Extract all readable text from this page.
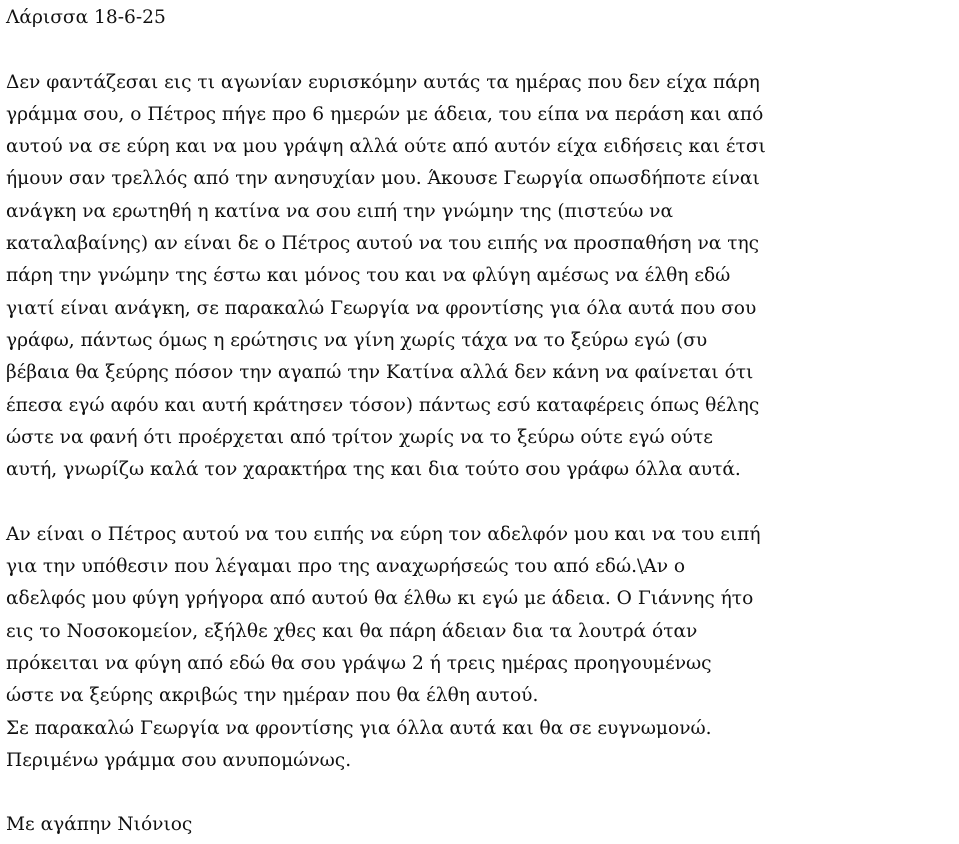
Λάρισσα 18-6-25
Δεν φαντάζεσαι εις τι αγωνίαν ευρισκόμην αυτάς τα ημέρας που δεν είχα πάρη
γράμμα σου, ο Πέτρος πήγε προ 6 ημερών με άδεια, του είπα να περάση και από
αυτού να σε εύρη και να μου γράψη αλλά ούτε από αυτόν είχα ειδήσεις και έτσι
ήμουν σαν τρελλός από την ανησυχίαν μου. Άκουσε Γεωργία οπωσδήποτε είναι
ανάγκη να ερωτηθή η κατίνα να σου ειπή την γνώμην της (πιστεύω να
καταλαβαίνης) αν είναι δε ο Πέτρος αυτού να του ειπής να προσπαθήση να της
πάρη την γνώμην της έστω και μόνος του και να φλύγη αμέσως να έλθη εδώ
γιατί είναι ανάγκη, σε παρακαλώ Γεωργία να φροντίσης για όλα αυτά που σου
γράφω, πάντως όμως η ερώτησις να γίνη χωρίς τάχα να το ξεύρω εγώ (συ
βέβαια θα ξεύρης πόσον την αγαπώ την Κατίνα αλλά δεν κάνη να φαίνεται ότι
έπεσα εγώ αφόυ και αυτή κράτησεν τόσον) πάντως εσύ καταφέρεις όπως θέλης
ώστε να φανή ότι προέρχεται από τρίτον χωρίς να το ξεύρω ούτε εγώ ούτε
αυτή, γνωρίζω καλά τον χαρακτήρα της και δια τούτο σου γράφω όλλα αυτά.
Αν είναι ο Πέτρος αυτού να του ειπής να εύρη τον αδελφόν μου και να του ειπή
για την υπόθεσιν που λέγαμαι προ της αναχωρήσεώς του από εδώ.\Αν ο
αδελφός μου φύγη γρήγορα από αυτού θα έλθω κι εγώ με άδεια. Ο Γιάννης ήτο
εις το Νοσοκομείον, εξήλθε χθες και θα πάρη άδειαν δια τα λουτρά όταν
πρόκειται να φύγη από εδώ θα σου γράψω 2 ή τρεις ημέρας προηγουμένως
ώστε να ξεύρης ακριβώς την ημέραν που θα έλθη αυτού.
Σε παρακαλώ Γεωργία να φροντίσης για όλλα αυτά και θα σε ευγνωμονώ.
Περιμένω γράμμα σου ανυπομώνως.
Με αγάπην Νιόνιος
